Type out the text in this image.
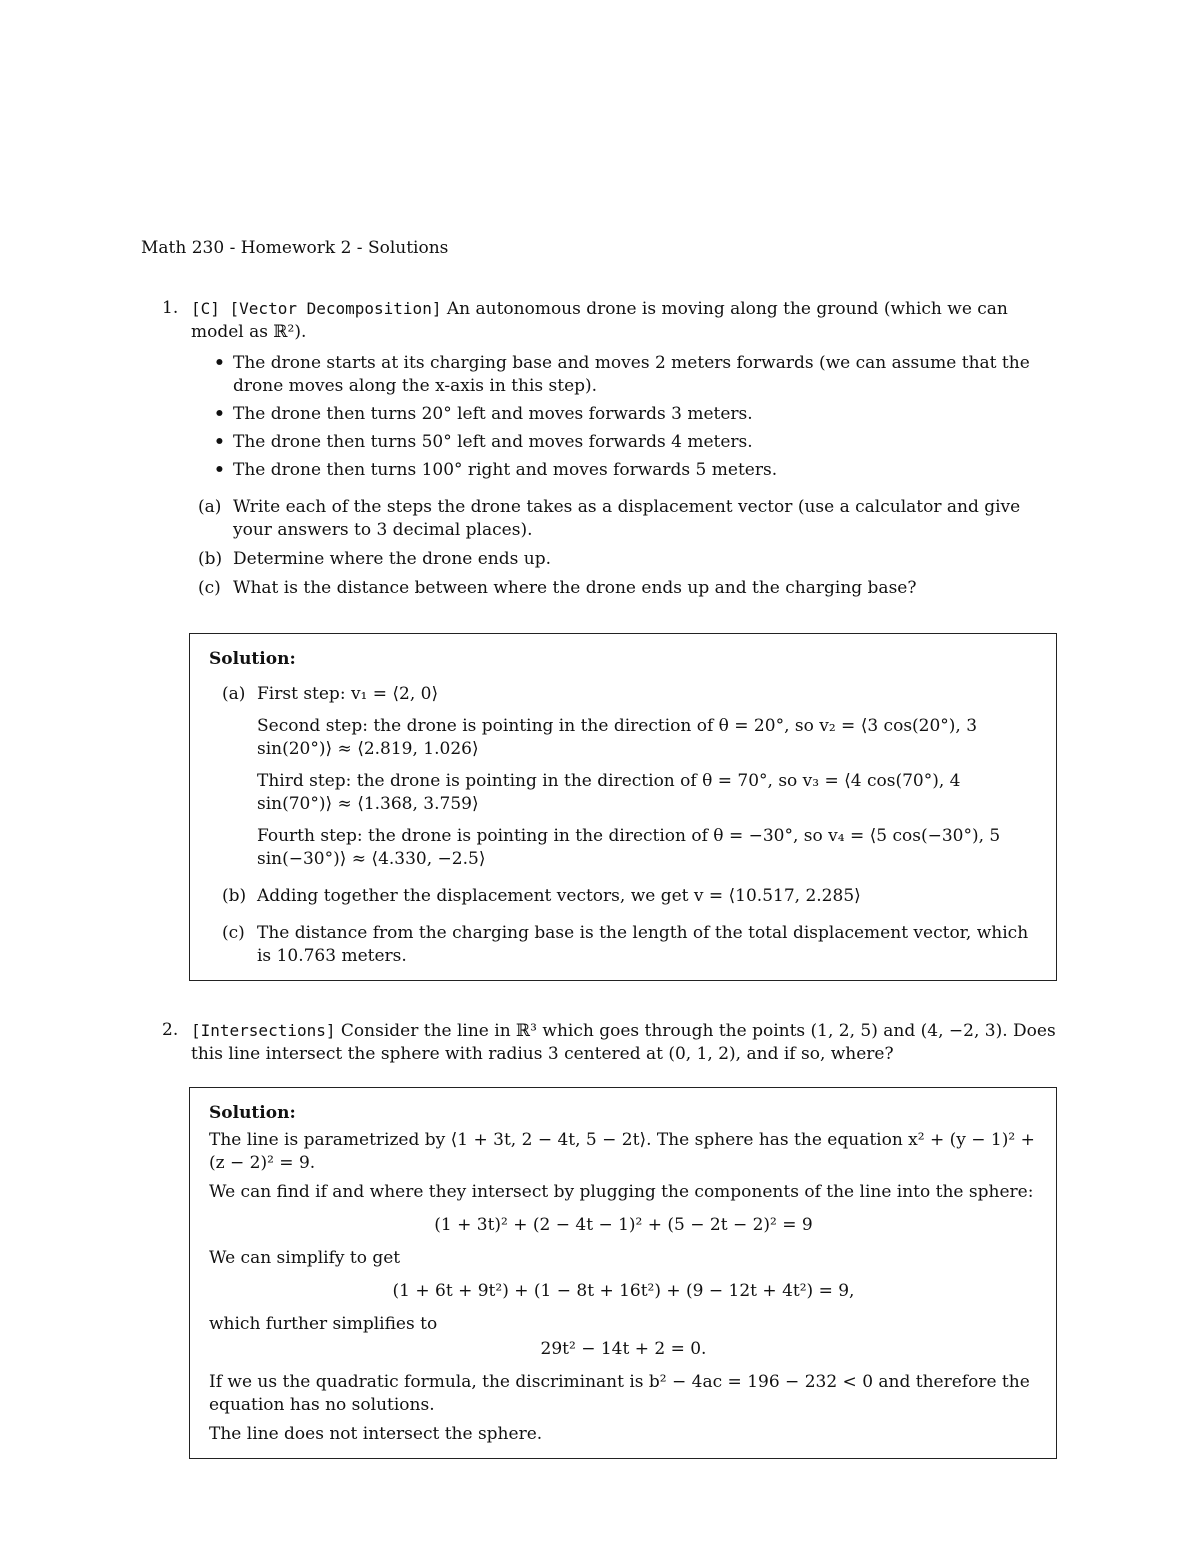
Math 230 - Homework 2 - Solutions
1. [C] [Vector Decomposition] An autonomous drone is moving along the ground (which we can model as ℝ²).
• The drone starts at its charging base and moves 2 meters forwards (we can assume that the drone moves along the x-axis in this step).
• The drone then turns 20° left and moves forwards 3 meters.
• The drone then turns 50° left and moves forwards 4 meters.
• The drone then turns 100° right and moves forwards 5 meters.
(a) Write each of the steps the drone takes as a displacement vector (use a calculator and give your answers to 3 decimal places).
(b) Determine where the drone ends up.
(c) What is the distance between where the drone ends up and the charging base?
Solution:
(a) First step: v₁ = ⟨2, 0⟩
Second step: the drone is pointing in the direction of θ = 20°, so v₂ = ⟨3 cos(20°), 3 sin(20°)⟩ ≈ ⟨2.819, 1.026⟩
Third step: the drone is pointing in the direction of θ = 70°, so v₃ = ⟨4 cos(70°), 4 sin(70°)⟩ ≈ ⟨1.368, 3.759⟩
Fourth step: the drone is pointing in the direction of θ = −30°, so v₄ = ⟨5 cos(−30°), 5 sin(−30°)⟩ ≈ ⟨4.330, −2.5⟩
(b) Adding together the displacement vectors, we get v = ⟨10.517, 2.285⟩
(c) The distance from the charging base is the length of the total displacement vector, which is 10.763 meters.
2. [Intersections] Consider the line in ℝ³ which goes through the points (1, 2, 5) and (4, −2, 3). Does this line intersect the sphere with radius 3 centered at (0, 1, 2), and if so, where?
Solution:
The line is parametrized by ⟨1 + 3t, 2 − 4t, 5 − 2t⟩. The sphere has the equation x² + (y − 1)² + (z − 2)² = 9.
We can find if and where they intersect by plugging the components of the line into the sphere:
(1 + 3t)² + (2 − 4t − 1)² + (5 − 2t − 2)² = 9
We can simplify to get
(1 + 6t + 9t²) + (1 − 8t + 16t²) + (9 − 12t + 4t²) = 9,
which further simplifies to
29t² − 14t + 2 = 0.
If we us the quadratic formula, the discriminant is b² − 4ac = 196 − 232 < 0 and therefore the equation has no solutions.
The line does not intersect the sphere.
